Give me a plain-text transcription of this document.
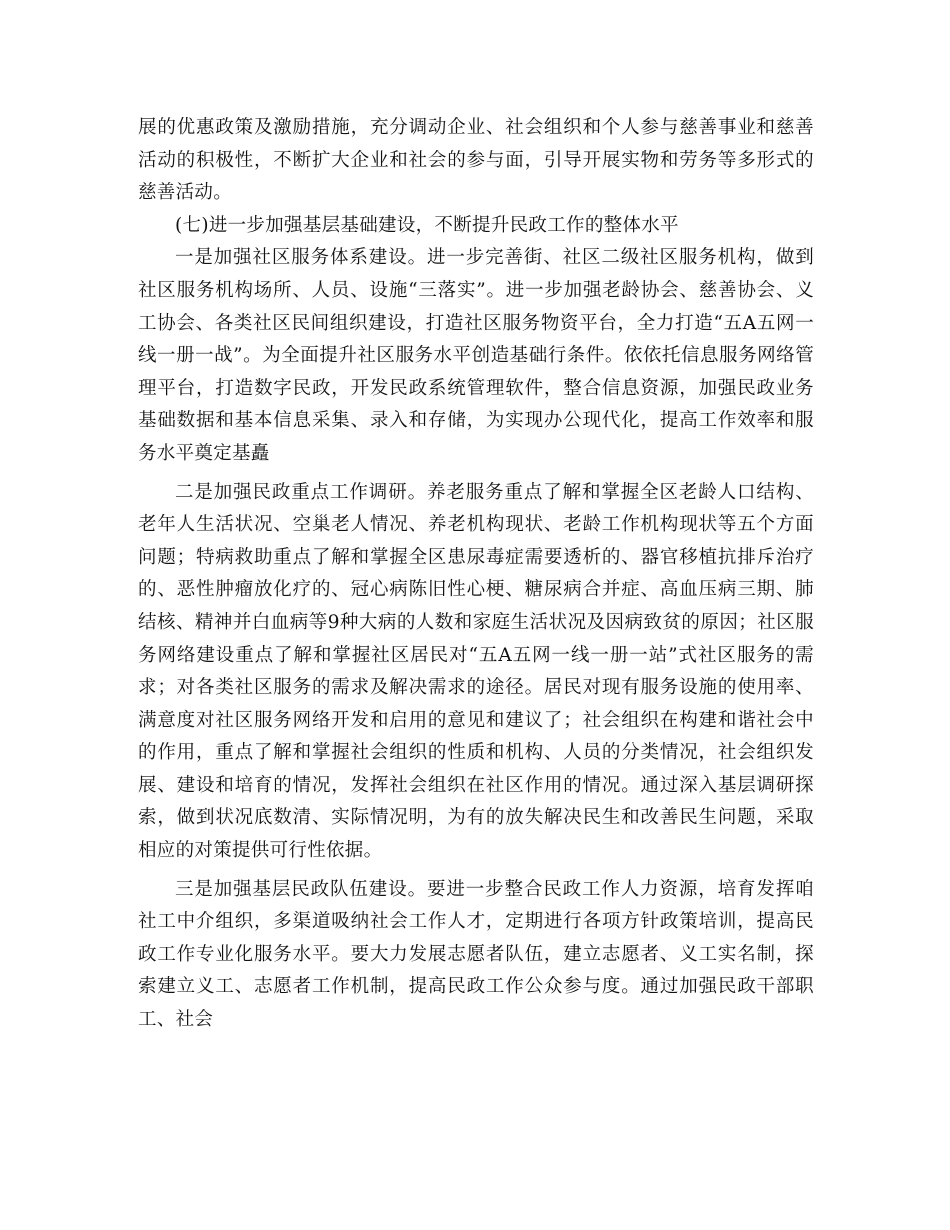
展的优惠政策及激励措施，充分调动企业、社会组织和个人参与慈善事业和慈善活动的积极性，不断扩大企业和社会的参与面，引导开展实物和劳务等多形式的慈善活动。

(七)进一步加强基层基础建设，不断提升民政工作的整体水平

一是加强社区服务体系建设。进一步完善街、社区二级社区服务机构，做到社区服务机构场所、人员、设施“三落实”。进一步加强老龄协会、慈善协会、义工协会、各类社区民间组织建设，打造社区服务物资平台，全力打造“五A五网一线一册一战”。为全面提升社区服务水平创造基础行条件。依依托信息服务网络管理平台，打造数字民政，开发民政系统管理软件，整合信息资源，加强民政业务基础数据和基本信息采集、录入和存储，为实现办公现代化，提高工作效率和服务水平奠定基矗

二是加强民政重点工作调研。养老服务重点了解和掌握全区老龄人口结构、老年人生活状况、空巢老人情况、养老机构现状、老龄工作机构现状等五个方面问题；特病救助重点了解和掌握全区患尿毒症需要透析的、器官移植抗排斥治疗的、恶性肿瘤放化疗的、冠心病陈旧性心梗、糖尿病合并症、高血压病三期、肺结核、精神并白血病等9种大病的人数和家庭生活状况及因病致贫的原因；社区服务网络建设重点了解和掌握社区居民对“五A五网一线一册一站”式社区服务的需求；对各类社区服务的需求及解决需求的途径。居民对现有服务设施的使用率、满意度对社区服务网络开发和启用的意见和建议了；社会组织在构建和谐社会中的作用，重点了解和掌握社会组织的性质和机构、人员的分类情况，社会组织发展、建设和培育的情况，发挥社会组织在社区作用的情况。通过深入基层调研探索，做到状况底数清、实际情况明，为有的放失解决民生和改善民生问题，采取相应的对策提供可行性依据。

三是加强基层民政队伍建设。要进一步整合民政工作人力资源，培育发挥咱社工中介组织，多渠道吸纳社会工作人才，定期进行各项方针政策培训，提高民政工作专业化服务水平。要大力发展志愿者队伍，建立志愿者、义工实名制，探索建立义工、志愿者工作机制，提高民政工作公众参与度。通过加强民政干部职工、社会
